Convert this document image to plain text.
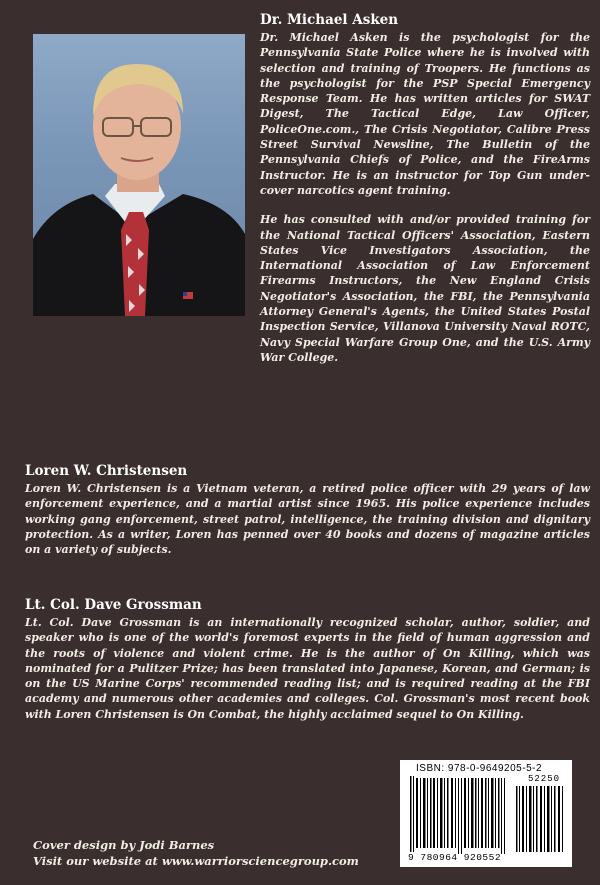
Dr. Michael Asken

Dr. Michael Asken is the psychologist for the Pennsylvania State Police where he is involved with selection and training of Troopers. He functions as the psychologist for the PSP Special Emergency Response Team. He has written articles for SWAT Digest, The Tactical Edge, Law Officer, PoliceOne.com., The Crisis Negotiator, Calibre Press Street Survival Newsline, The Bulletin of the Pennsylvania Chiefs of Police, and the FireArms Instructor. He is an instructor for Top Gun under-cover narcotics agent training.

He has consulted with and/or provided training for the National Tactical Officers' Association, Eastern States Vice Investigators Association, the International Association of Law Enforcement Firearms Instructors, the New England Crisis Negotiator's Association, the FBI, the Pennsylvania Attorney General's Agents, the United States Postal Inspection Service, Villanova University Naval ROTC, Navy Special Warfare Group One, and the U.S. Army War College.

Loren W. Christensen

Loren W. Christensen is a Vietnam veteran, a retired police officer with 29 years of law enforcement experience, and a martial artist since 1965. His police experience includes working gang enforcement, street patrol, intelligence, the training division and dignitary protection. As a writer, Loren has penned over 40 books and dozens of magazine articles on a variety of subjects.

Lt. Col. Dave Grossman

Lt. Col. Dave Grossman is an internationally recognized scholar, author, soldier, and speaker who is one of the world's foremost experts in the field of human aggression and the roots of violence and violent crime. He is the author of On Killing, which was nominated for a Pulitzer Prize; has been translated into Japanese, Korean, and German; is on the US Marine Corps' recommended reading list; and is required reading at the FBI academy and numerous other academies and colleges. Col. Grossman's most recent book with Loren Christensen is On Combat, the highly acclaimed sequel to On Killing.

Cover design by Jodi Barnes
Visit our website at www.warriorsciencegroup.com
ISBN: 978-0-9649205-5-2
52250
9 780964 920552
